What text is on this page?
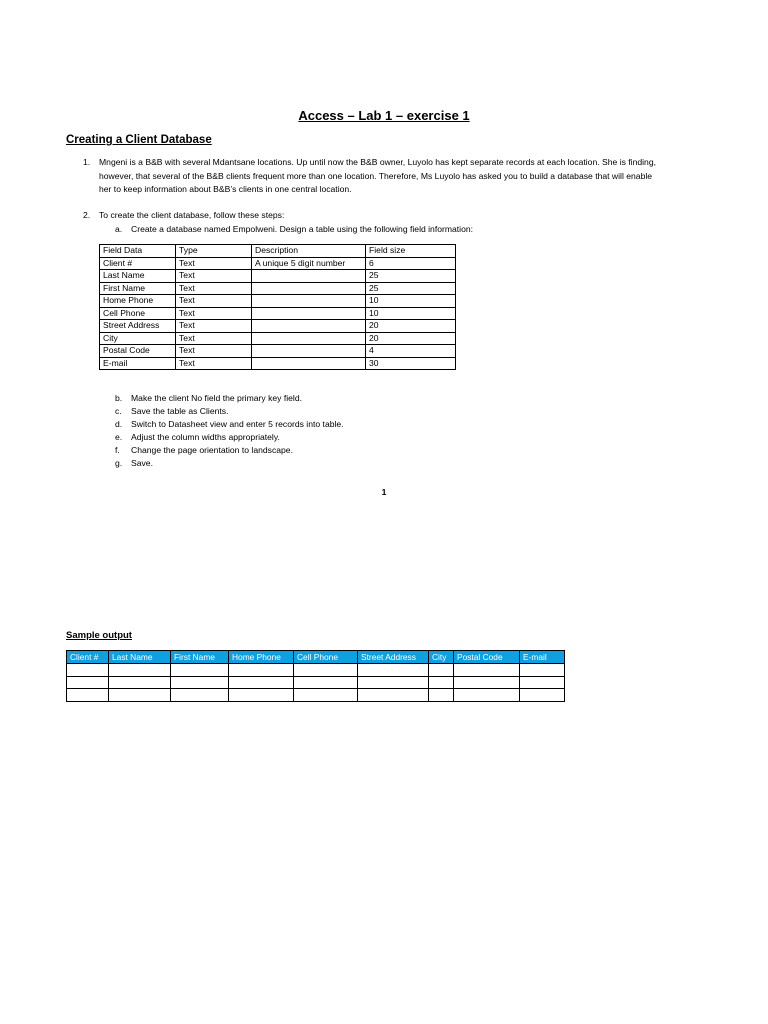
Access – Lab 1 – exercise 1
Creating a Client Database
1. Mngeni is a B&B with several Mdantsane locations. Up until now the B&B owner, Luyolo has kept separate records at each location. She is finding,
however, that several of the B&B clients frequent more than one location. Therefore, Ms Luyolo has asked you to build a database that will enable
her to keep information about B&B’s clients in one central location.
2. To create the client database, follow these steps:
a. Create a database named Empolweni. Design a table using the following field information:
Field Data	Type	Description	Field size
Client #	Text	A unique 5 digit number	6
Last Name	Text		25
First Name	Text		25
Home Phone	Text		10
Cell Phone	Text		10
Street Address	Text		20
City	Text		20
Postal Code	Text		4
E-mail	Text		30
b. Make the client No field the primary key field.
c. Save the table as Clients.
d. Switch to Datasheet view and enter 5 records into table.
e. Adjust the column widths appropriately.
f. Change the page orientation to landscape.
g. Save.
1
Sample output
Client #	Last Name	First Name	Home Phone	Cell Phone	Street Address	City	Postal Code	E-mail
